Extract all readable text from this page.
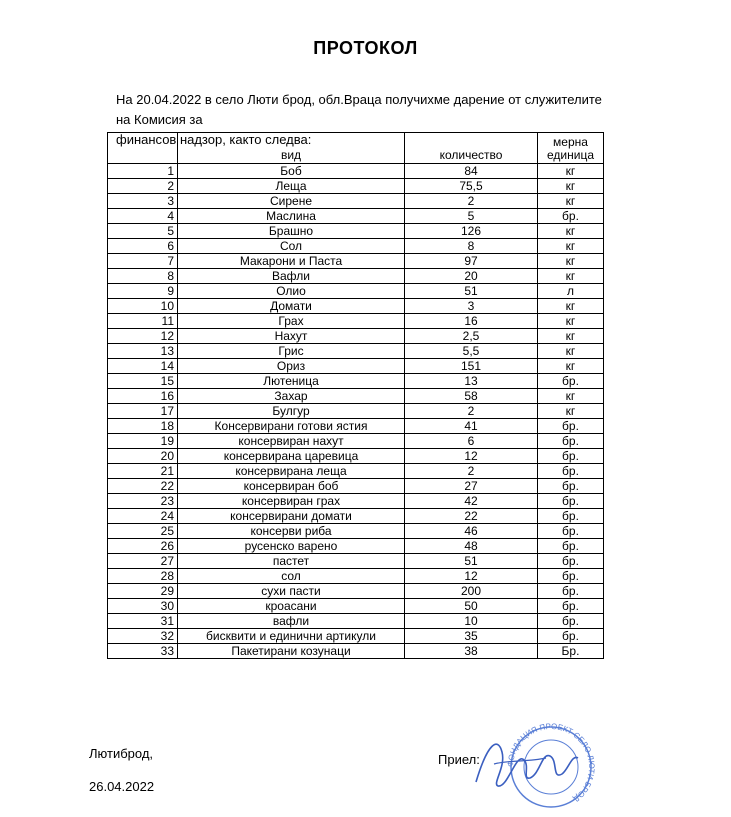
ПРОТОКОЛ
На 20.04.2022 в село Люти брод, обл.Враца получихме дарение от служителите на Комисия за
финансов надзор, както следва:
	вид	количество	мерна единица
1	Боб	84	кг
2	Леща	75,5	кг
3	Сирене	2	кг
4	Маслина	5	бр.
5	Брашно	126	кг
6	Сол	8	кг
7	Макарони и Паста	97	кг
8	Вафли	20	кг
9	Олио	51	л
10	Домати	3	кг
11	Грах	16	кг
12	Нахут	2,5	кг
13	Грис	5,5	кг
14	Ориз	151	кг
15	Лютеница	13	бр.
16	Захар	58	кг
17	Булгур	2	кг
18	Консервирани готови ястия	41	бр.
19	консервиран нахут	6	бр.
20	консервирана царевица	12	бр.
21	консервирана леща	2	бр.
22	консервиран боб	27	бр.
23	консервиран грах	42	бр.
24	консервирани домати	22	бр.
25	консерви риба	46	бр.
26	русенско варено	48	бр.
27	пастет	51	бр.
28	сол	12	бр.
29	сухи пасти	200	бр.
30	кроасани	50	бр.
31	вафли	10	бр.
32	бисквити и единични артикули	35	бр.
33	Пакетирани козунаци	38	Бр.
Лютиброд,
26.04.2022
Приел:	ФОНДАЦИЯ ПРОЕКТ СЕЛО ЛЮТИ БРОД
